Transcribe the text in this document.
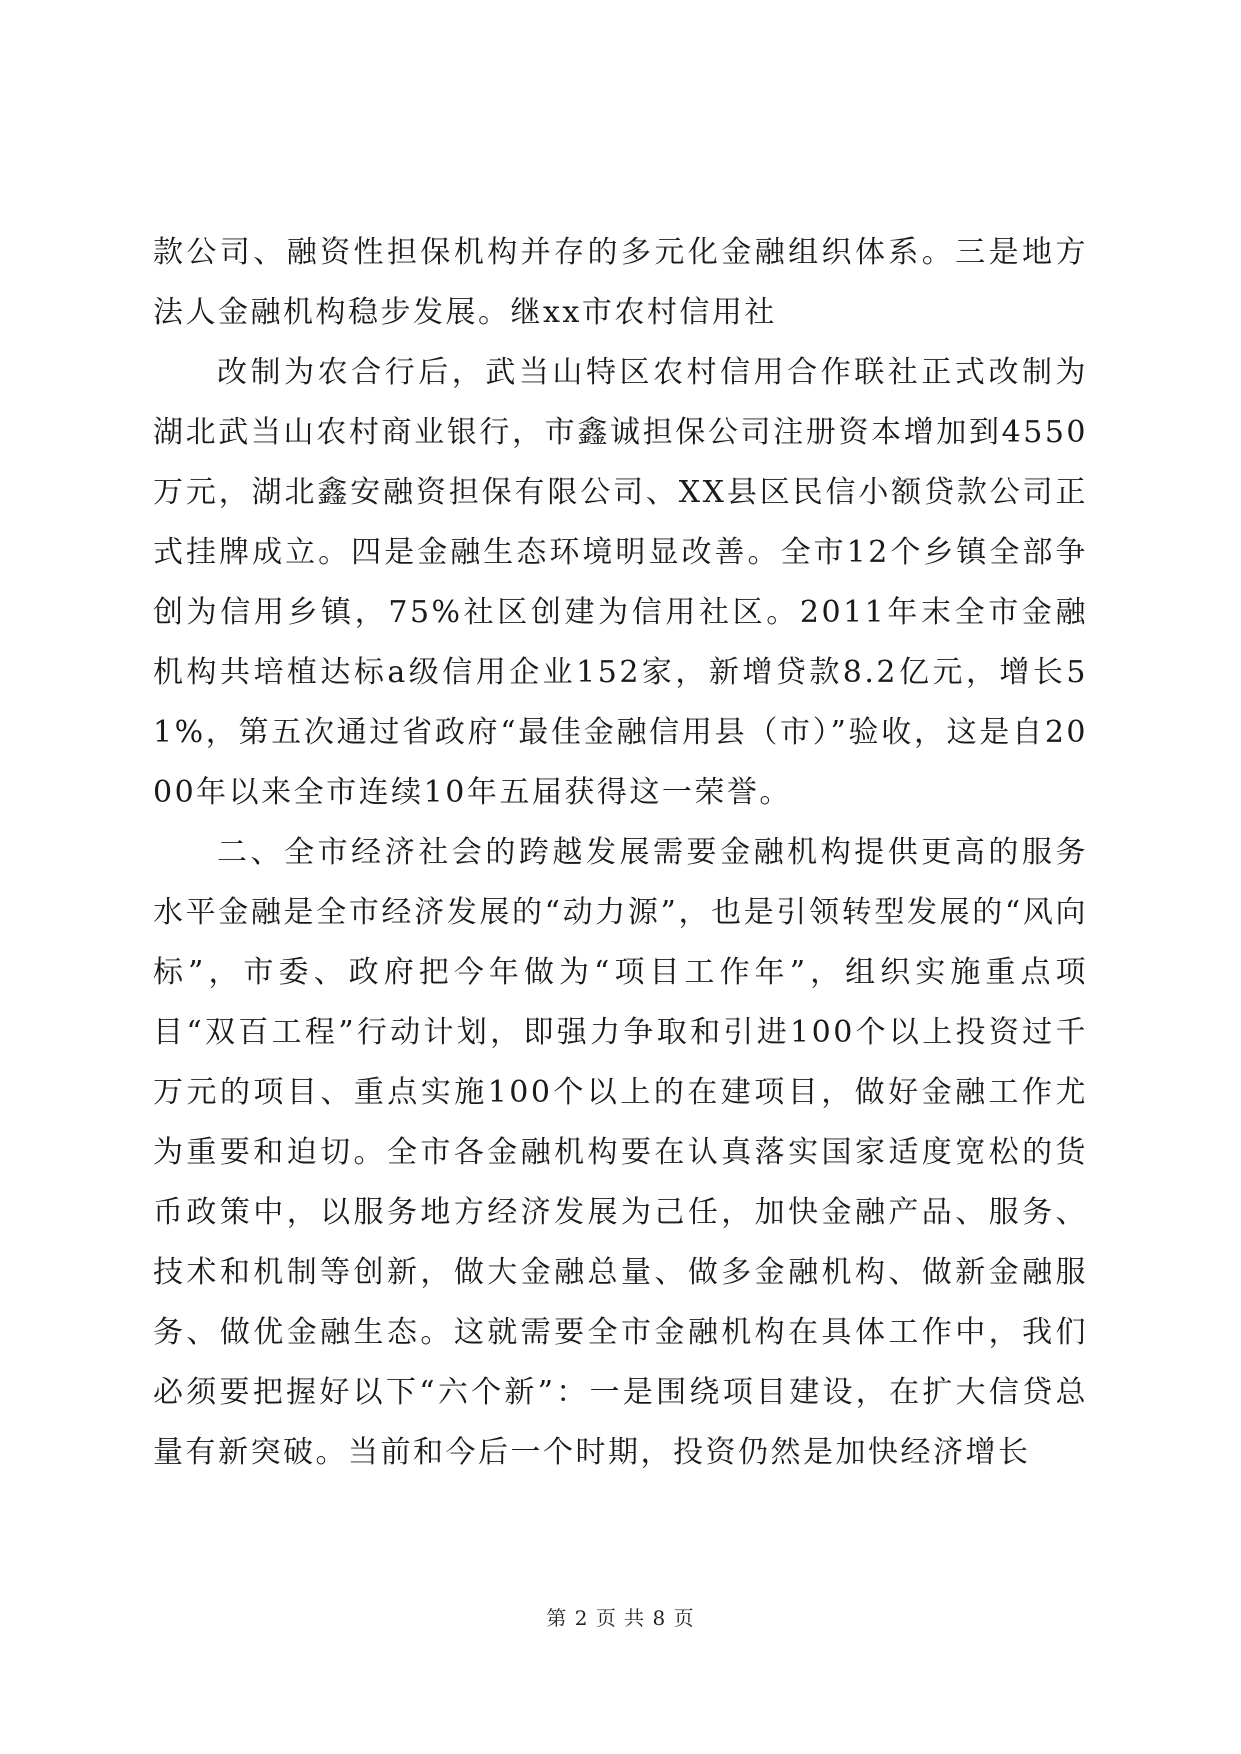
款公司、融资性担保机构并存的多元化金融组织体系。三是地方法人金融机构稳步发展。继xx市农村信用社

改制为农合行后，武当山特区农村信用合作联社正式改制为湖北武当山农村商业银行，市鑫诚担保公司注册资本增加到4550万元，湖北鑫安融资担保有限公司、XX县区民信小额贷款公司正式挂牌成立。四是金融生态环境明显改善。全市12个乡镇全部争创为信用乡镇，75%社区创建为信用社区。2011年末全市金融机构共培植达标a级信用企业152家，新增贷款8.2亿元，增长51%，第五次通过省政府“最佳金融信用县（市）”验收，这是自2000年以来全市连续10年五届获得这一荣誉。

二、全市经济社会的跨越发展需要金融机构提供更高的服务水平金融是全市经济发展的“动力源”，也是引领转型发展的“风向标”，市委、政府把今年做为“项目工作年”，组织实施重点项目“双百工程”行动计划，即强力争取和引进100个以上投资过千万元的项目、重点实施100个以上的在建项目，做好金融工作尤为重要和迫切。全市各金融机构要在认真落实国家适度宽松的货币政策中，以服务地方经济发展为己任，加快金融产品、服务、技术和机制等创新，做大金融总量、做多金融机构、做新金融服务、做优金融生态。这就需要全市金融机构在具体工作中，我们必须要把握好以下“六个新”：一是围绕项目建设，在扩大信贷总量有新突破。当前和今后一个时期，投资仍然是加快经济增长

第 2 页 共 8 页
